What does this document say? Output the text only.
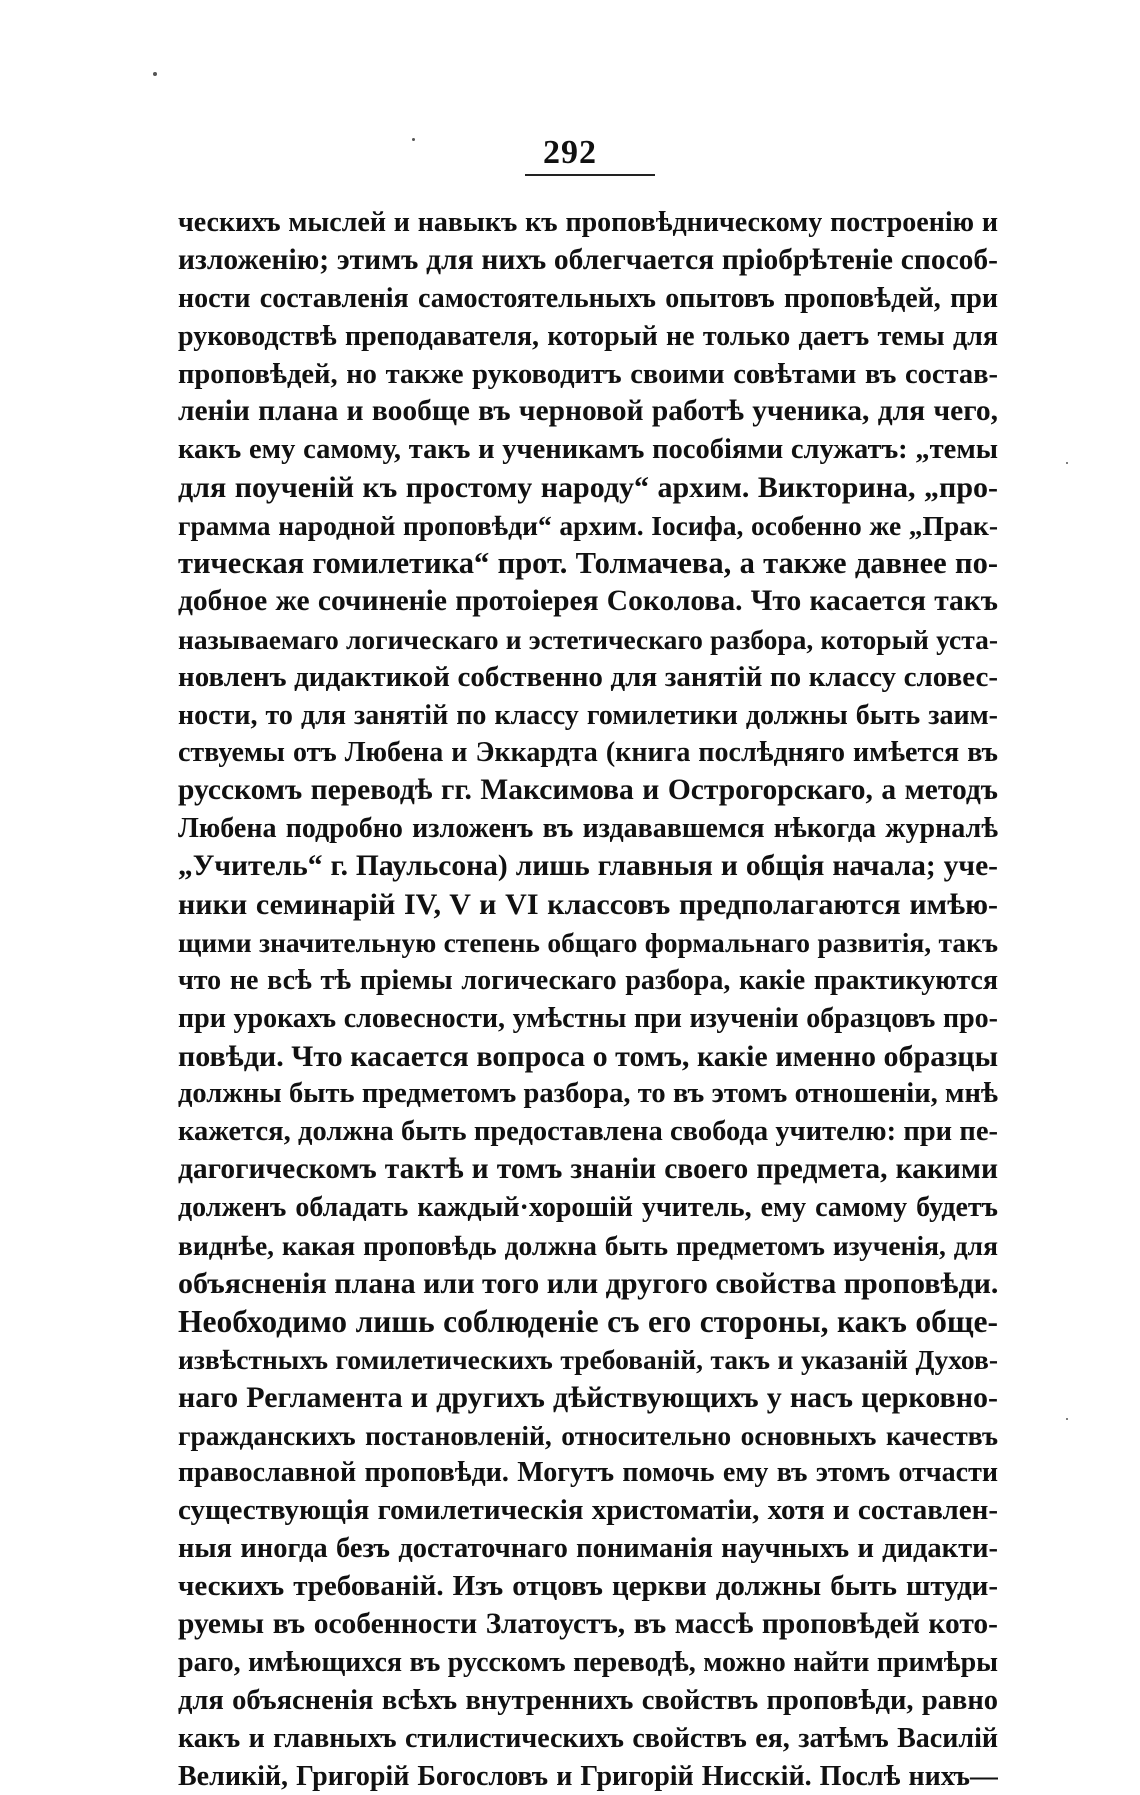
292
ческихъ мыслей и навыкъ къ проповѣдническому построенію и
изложенію; этимъ для нихъ облегчается пріобрѣтеніе способ-
ности составленія самостоятельныхъ опытовъ проповѣдей, при
руководствѣ преподавателя, который не только даетъ темы для
проповѣдей, но также руководитъ своими совѣтами въ состав-
леніи плана и вообще въ черновой работѣ ученика, для чего,
какъ ему самому, такъ и ученикамъ пособіями служатъ: „темы
для поученій къ простому народу“ архим. Викторина, „про-
грамма народной проповѣди“ архим. Іосифа, особенно же „Прак-
тическая гомилетика“ прот. Толмачева, а также давнее по-
добное же сочиненіе протоіерея Соколова. Что касается такъ
называемаго логическаго и эстетическаго разбора, который уста-
новленъ дидактикой собственно для занятій по классу словес-
ности, то для занятій по классу гомилетики должны быть заим-
ствуемы отъ Любена и Эккардта (книга послѣдняго имѣется въ
русскомъ переводѣ гг. Максимова и Острогорскаго, а методъ
Любена подробно изложенъ въ издававшемся нѣкогда журналѣ
„Учитель“ г. Паульсона) лишь главныя и общія начала; уче-
ники семинарій IV, V и VI классовъ предполагаются имѣю-
щими значительную степень общаго формальнаго развитія, такъ
что не всѣ тѣ пріемы логическаго разбора, какіе практикуются
при урокахъ словесности, умѣстны при изученіи образцовъ про-
повѣди. Что касается вопроса о томъ, какіе именно образцы
должны быть предметомъ разбора, то въ этомъ отношеніи, мнѣ
кажется, должна быть предоставлена свобода учителю: при пе-
дагогическомъ тактѣ и томъ знаніи своего предмета, какими
долженъ обладать каждый·хорошій учитель, ему самому будетъ
виднѣе, какая проповѣдь должна быть предметомъ изученія, для
объясненія плана или того или другого свойства проповѣди.
Необходимо лишь соблюденіе съ его стороны, какъ обще-
извѣстныхъ гомилетическихъ требованій, такъ и указаній Духов-
наго Регламента и другихъ дѣйствующихъ у насъ церковно-
гражданскихъ постановленій, относительно основныхъ качествъ
православной проповѣди. Могутъ помочь ему въ этомъ отчасти
существующія гомилетическія христоматіи, хотя и составлен-
ныя иногда безъ достаточнаго пониманія научныхъ и дидакти-
ческихъ требованій. Изъ отцовъ церкви должны быть штуди-
руемы въ особенности Златоустъ, въ массѣ проповѣдей кото-
раго, имѣющихся въ русскомъ переводѣ, можно найти примѣры
для объясненія всѣхъ внутреннихъ свойствъ проповѣди, равно
какъ и главныхъ стилистическихъ свойствъ ея, затѣмъ Василій
Великій, Григорій Богословъ и Григорій Нисскій. Послѣ нихъ—
